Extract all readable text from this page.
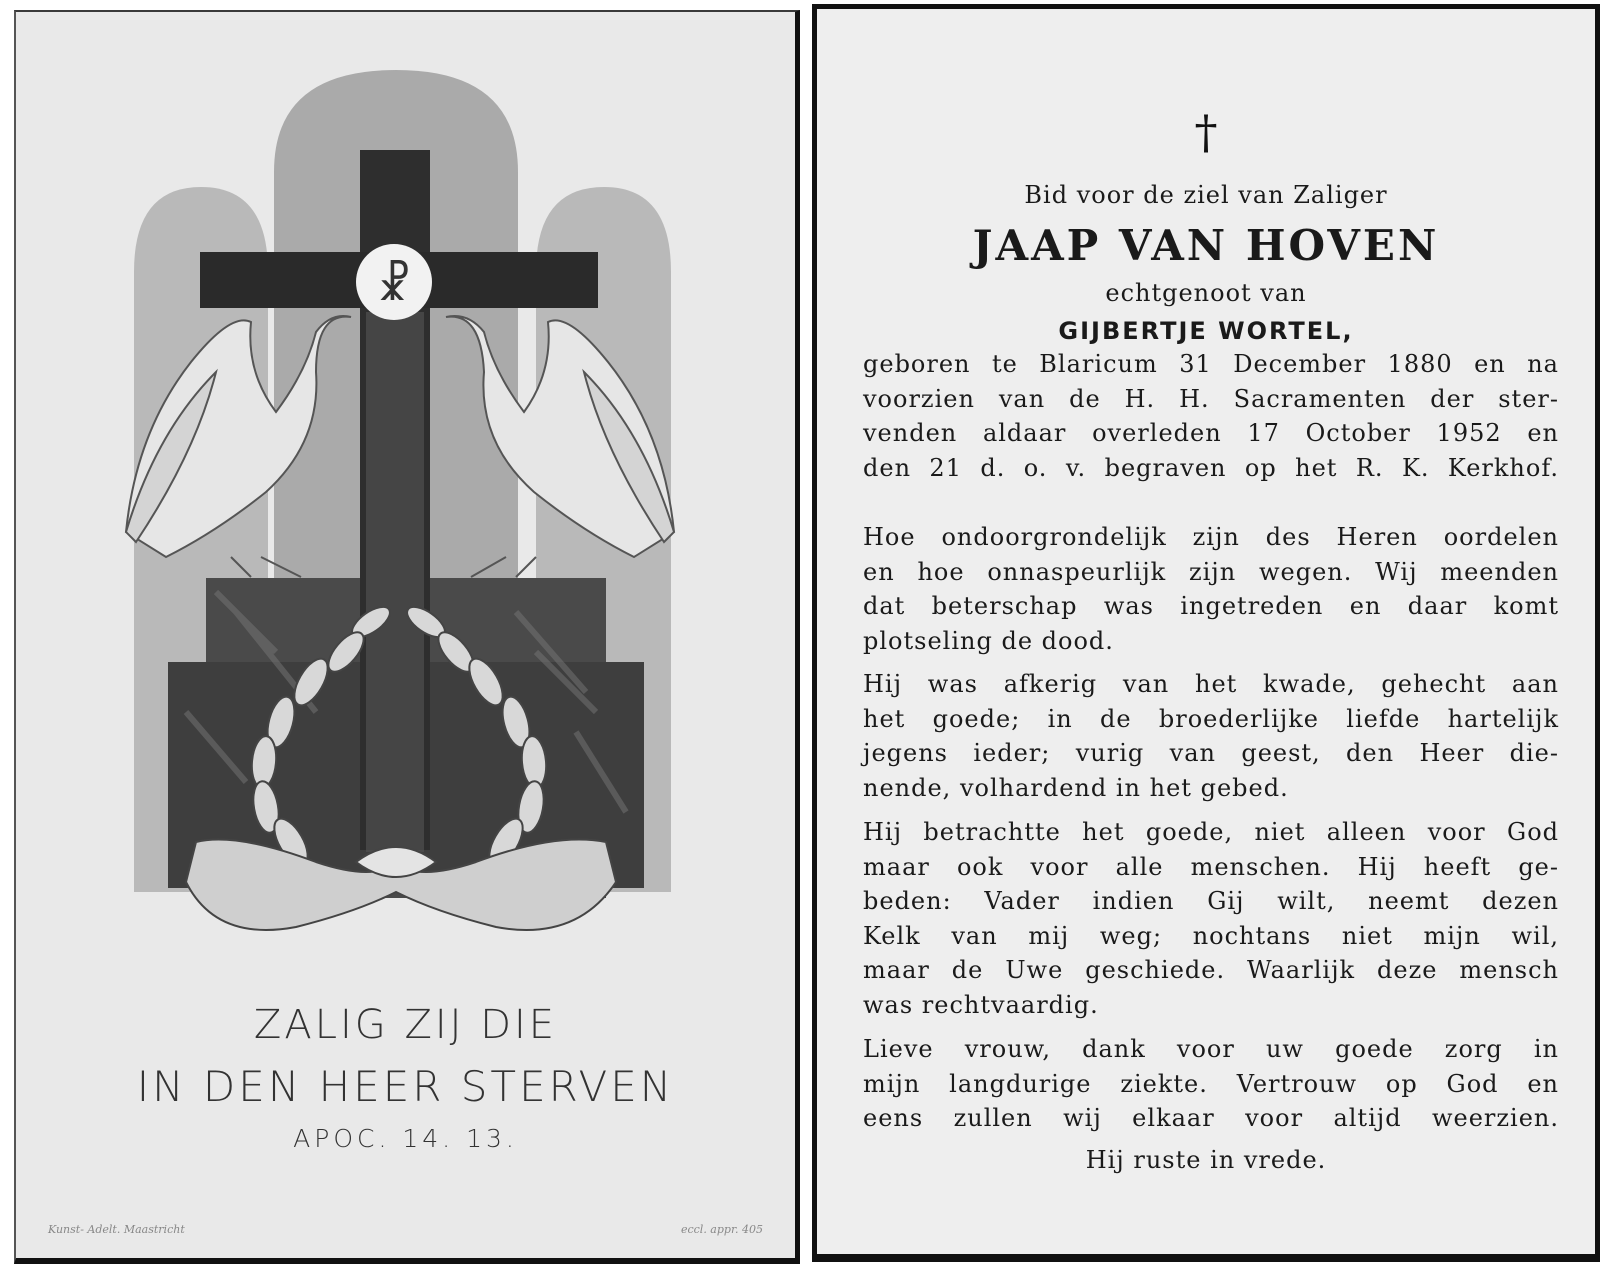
☧
ZALIG ZIJ DIE
IN DEN HEER STERVEN
APOC. 14. 13.
Kunst- Adelt. Maastricht	eccl. appr. 405
†
Bid voor de ziel van Zaliger
JAAP VAN HOVEN
echtgenoot van
GIJBERTJE WORTEL,
geboren te Blaricum 31 December 1880 en na
voorzien van de H. H. Sacramenten der ster-
venden aldaar overleden 17 October 1952 en
den 21 d. o. v. begraven op het R. K. Kerkhof.
Hoe ondoorgrondelijk zijn des Heren oordelen
en hoe onnaspeurlijk zijn wegen. Wij meenden
dat beterschap was ingetreden en daar komt
plotseling de dood.
Hij was afkerig van het kwade, gehecht aan
het goede; in de broederlijke liefde hartelijk
jegens ieder; vurig van geest, den Heer die-
nende, volhardend in het gebed.
Hij betrachtte het goede, niet alleen voor God
maar ook voor alle menschen. Hij heeft ge-
beden: Vader indien Gij wilt, neemt dezen
Kelk van mij weg; nochtans niet mijn wil,
maar de Uwe geschiede. Waarlijk deze mensch
was rechtvaardig.
Lieve vrouw, dank voor uw goede zorg in
mijn langdurige ziekte. Vertrouw op God en
eens zullen wij elkaar voor altijd weerzien.
Hij ruste in vrede.
